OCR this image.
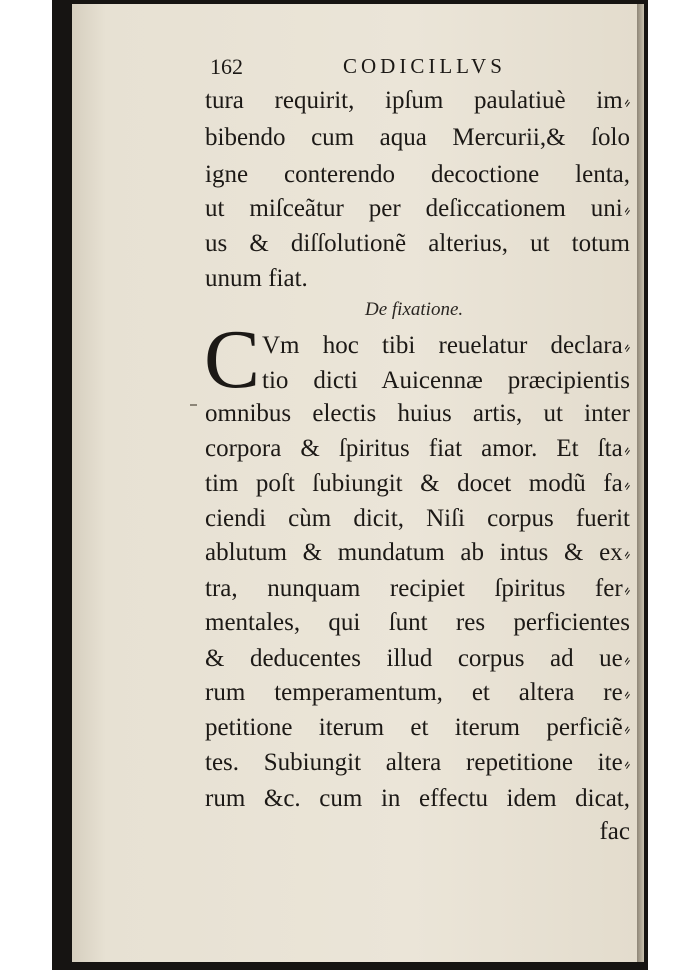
162	CODICILLVS

tura requirit, ipſum paulatiuè im⸗

bibendo cum aqua Mercurii,& ſolo

igne conterendo decoctione lenta,

ut miſceãtur per deſiccationem uni⸗

us & diſſolutionẽ alterius, ut totum

unum fiat.

De fixatione.
C Vm hoc tibi reuelatur declara⸗

tio dicti Auicennæ præcipientis

omnibus electis huius artis, ut inter

corpora & ſpiritus fiat amor. Et ſta⸗

tim poſt ſubiungit & docet modũ fa⸗

ciendi cùm dicit, Niſi corpus fuerit

ablutum & mundatum ab intus & ex⸗

tra, nunquam recipiet ſpiritus fer⸗

mentales, qui ſunt res perficientes

& deducentes illud corpus ad ue⸗

rum temperamentum, et altera re⸗

petitione iterum et iterum perficiẽ⸗

tes. Subiungit altera repetitione ite⸗

rum &c. cum in effectu idem dicat,

fac
